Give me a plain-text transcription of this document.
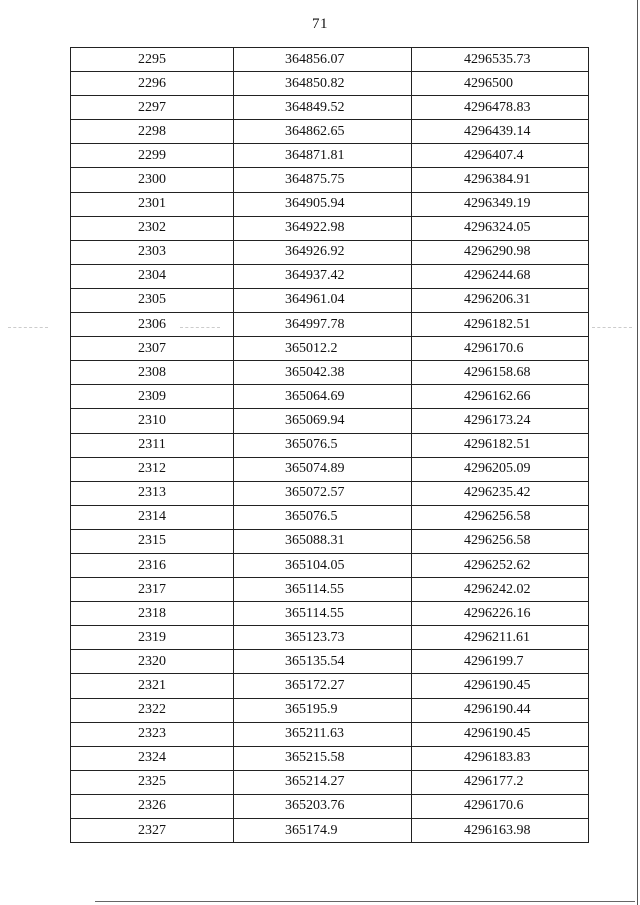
71
2295	364856.07	4296535.73
2296	364850.82	4296500
2297	364849.52	4296478.83
2298	364862.65	4296439.14
2299	364871.81	4296407.4
2300	364875.75	4296384.91
2301	364905.94	4296349.19
2302	364922.98	4296324.05
2303	364926.92	4296290.98
2304	364937.42	4296244.68
2305	364961.04	4296206.31
2306	364997.78	4296182.51
2307	365012.2	4296170.6
2308	365042.38	4296158.68
2309	365064.69	4296162.66
2310	365069.94	4296173.24
2311	365076.5	4296182.51
2312	365074.89	4296205.09
2313	365072.57	4296235.42
2314	365076.5	4296256.58
2315	365088.31	4296256.58
2316	365104.05	4296252.62
2317	365114.55	4296242.02
2318	365114.55	4296226.16
2319	365123.73	4296211.61
2320	365135.54	4296199.7
2321	365172.27	4296190.45
2322	365195.9	4296190.44
2323	365211.63	4296190.45
2324	365215.58	4296183.83
2325	365214.27	4296177.2
2326	365203.76	4296170.6
2327	365174.9	4296163.98
